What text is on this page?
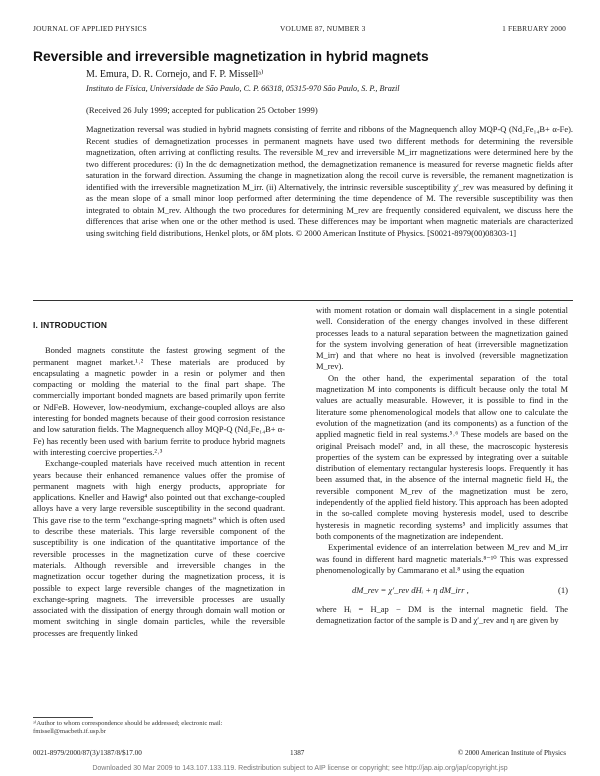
JOURNAL OF APPLIED PHYSICS	VOLUME 87, NUMBER 3	1 FEBRUARY 2000
Reversible and irreversible magnetization in hybrid magnets
M. Emura, D. R. Cornejo, and F. P. Missellᵃ⁾
Instituto de Física, Universidade de São Paulo, C. P. 66318, 05315-970 São Paulo, S. P., Brazil
(Received 26 July 1999; accepted for publication 25 October 1999)
Magnetization reversal was studied in hybrid magnets consisting of ferrite and ribbons of the Magnequench alloy MQP-Q (Nd₂Fe₁₄B+ α-Fe). Recent studies of demagnetization processes in permanent magnets have used two different methods for determining the reversible magnetization, often arriving at conflicting results. The reversible M_rev and irreversible M_irr magnetizations were determined here by the two different procedures: (i) In the dc demagnetization method, the demagnetization remanence is measured for reverse magnetic fields after saturation in the forward direction. Assuming the change in magnetization along the recoil curve is reversible, the remanent magnetization is identified with the irreversible magnetization M_irr. (ii) Alternatively, the intrinsic reversible susceptibility χ′_rev was measured by defining it as the mean slope of a small minor loop performed after determining the time dependence of M. The reversible susceptibility was then integrated to obtain M_rev. Although the two procedures for determining M_rev are frequently considered equivalent, we discuss here the differences that arise when one or the other method is used. These differences may be important when magnetic materials are characterized using switching field distributions, Henkel plots, or δM plots. © 2000 American Institute of Physics. [S0021-8979(00)08303-1]
I. INTRODUCTION

Bonded magnets constitute the fastest growing segment of the permanent magnet market.¹˒² These materials are produced by encapsulating a magnetic powder in a resin or polymer and then compacting or molding the material to the final part shape. The commercially important bonded magnets are based primarily upon ferrite or NdFeB. However, low-neodymium, exchange-coupled alloys are also interesting for bonded magnets because of their good corrosion resistance and low saturation fields. The Magnequench alloy MQP-Q (Nd₂Fe₁₄B+ α-Fe) has recently been used with barium ferrite to produce hybrid magnets with interesting coercive properties.²˒³

Exchange-coupled materials have received much attention in recent years because their enhanced remanence values offer the promise of permanent magnets with high energy products, appropriate for applications. Kneller and Hawig⁴ also pointed out that exchange-coupled alloys have a very large reversible susceptibility in the second quadrant. This gave rise to the term “exchange-spring magnets” which is often used to describe these materials. This large reversible component of the susceptibility is one indication of the quantitative importance of the reversible processes in the magnetization curve of these coercive materials. Although reversible and irreversible changes in the magnetization occur together during the magnetization process, it is possible to expect large reversible changes of the magnetization in exchange-spring magnets. The irreversible processes are usually associated with the dissipation of energy through domain wall motion or moment switching in single domain particles, while the reversible processes are frequently linked

with moment rotation or domain wall displacement in a single potential well. Consideration of the energy changes involved in these different processes leads to a natural separation between the magnetization gained for the system involving generation of heat (irreversible magnetization M_irr) and that where no heat is involved (reversible magnetization M_rev).

On the other hand, the experimental separation of the total magnetization M into components is difficult because only the total M values are actually measurable. However, it is possible to find in the literature some phenomenological models that allow one to calculate the evolution of the magnetization (and its components) as a function of the applied magnetic field in real systems.⁵˒⁶ These models are based on the original Preisach model⁷ and, in all these, the macroscopic hysteresis properties of the system can be expressed by integrating over a suitable distribution of elementary rectangular hysteresis loops. Frequently it has been assumed that, in the absence of the internal magnetic field Hᵢ, the reversible component M_rev of the magnetization must be zero, independently of the applied field history. This approach has been adopted in the so-called complete moving hysteresis model, used to describe hysteresis in magnetic recording systems⁵ and implicitly assumes that both components of the magnetization are independent.

Experimental evidence of an interrelation between M_rev and M_irr was found in different hard magnetic materials.⁸⁻¹⁰ This was expressed phenomenologically by Cammarano et al.⁸ using the equation

dM_rev = χ′_rev dHᵢ + η dM_irr ,	(1)

where Hᵢ = H_ap − DM is the internal magnetic field. The demagnetization factor of the sample is D and χ′_rev and η are given by

ᵃ⁾Author to whom correspondence should be addressed; electronic mail: fmissell@macbeth.if.usp.br
0021-8979/2000/87(3)/1387/8/$17.00	1387	© 2000 American Institute of Physics
Downloaded 30 Mar 2009 to 143.107.133.119. Redistribution subject to AIP license or copyright; see http://jap.aip.org/jap/copyright.jsp
